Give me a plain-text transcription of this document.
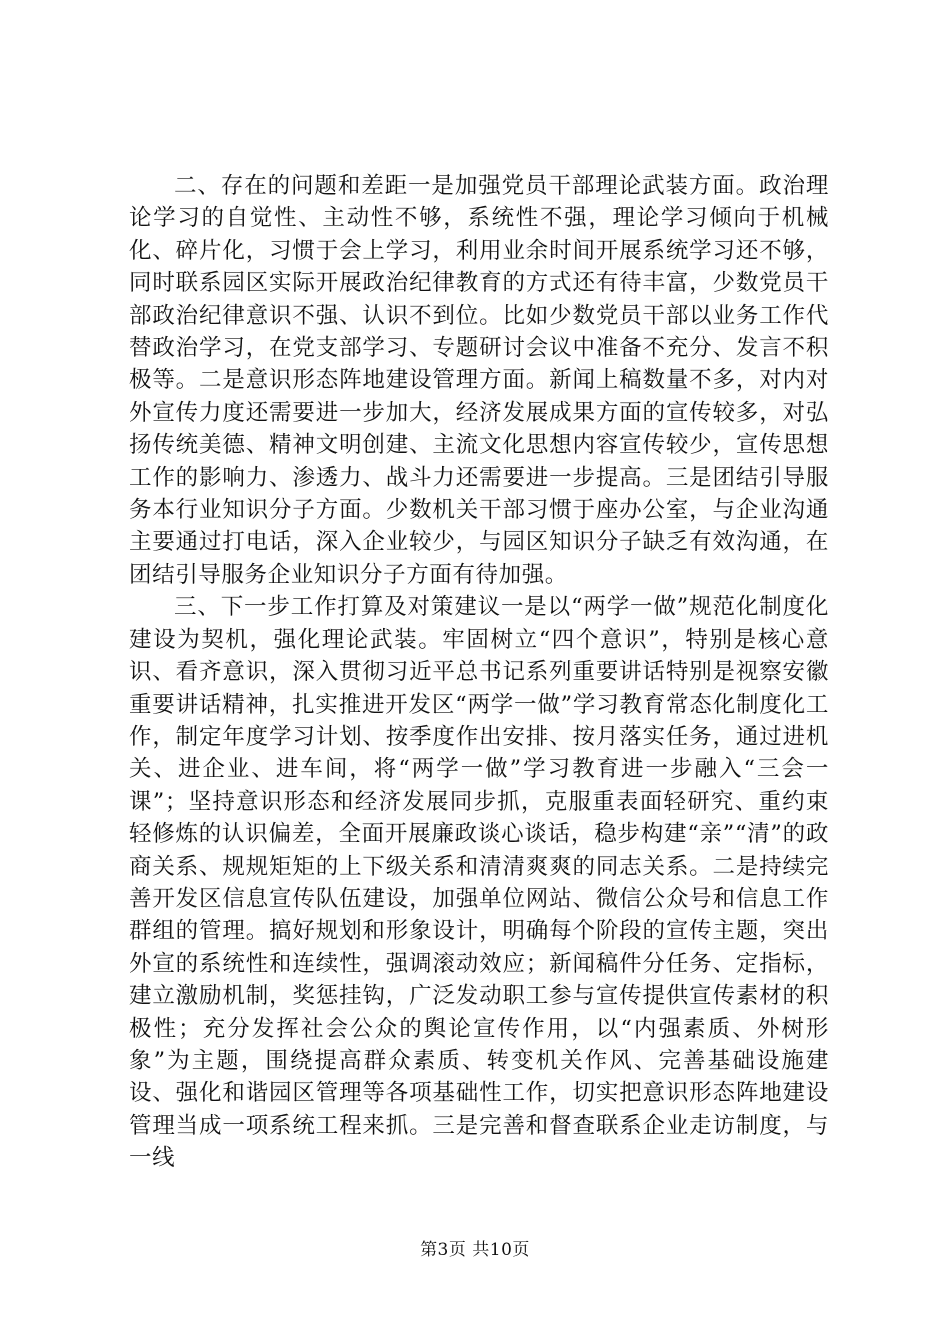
二、存在的问题和差距一是加强党员干部理论武装方面。政治理论学习的自觉性、主动性不够，系统性不强，理论学习倾向于机械化、碎片化，习惯于会上学习，利用业余时间开展系统学习还不够，同时联系园区实际开展政治纪律教育的方式还有待丰富，少数党员干部政治纪律意识不强、认识不到位。比如少数党员干部以业务工作代替政治学习，在党支部学习、专题研讨会议中准备不充分、发言不积极等。二是意识形态阵地建设管理方面。新闻上稿数量不多，对内对外宣传力度还需要进一步加大，经济发展成果方面的宣传较多，对弘扬传统美德、精神文明创建、主流文化思想内容宣传较少，宣传思想工作的影响力、渗透力、战斗力还需要进一步提高。三是团结引导服务本行业知识分子方面。少数机关干部习惯于座办公室，与企业沟通主要通过打电话，深入企业较少，与园区知识分子缺乏有效沟通，在团结引导服务企业知识分子方面有待加强。

三、下一步工作打算及对策建议一是以“两学一做”规范化制度化建设为契机，强化理论武装。牢固树立“四个意识”，特别是核心意识、看齐意识，深入贯彻习近平总书记系列重要讲话特别是视察安徽重要讲话精神，扎实推进开发区“两学一做”学习教育常态化制度化工作，制定年度学习计划、按季度作出安排、按月落实任务，通过进机关、进企业、进车间，将“两学一做”学习教育进一步融入“三会一课”；坚持意识形态和经济发展同步抓，克服重表面轻研究、重约束轻修炼的认识偏差，全面开展廉政谈心谈话，稳步构建“亲”“清”的政商关系、规规矩矩的上下级关系和清清爽爽的同志关系。二是持续完善开发区信息宣传队伍建设，加强单位网站、微信公众号和信息工作群组的管理。搞好规划和形象设计，明确每个阶段的宣传主题，突出外宣的系统性和连续性，强调滚动效应；新闻稿件分任务、定指标，建立激励机制，奖惩挂钩，广泛发动职工参与宣传提供宣传素材的积极性；充分发挥社会公众的舆论宣传作用，以“内强素质、外树形象”为主题，围绕提高群众素质、转变机关作风、完善基础设施建设、强化和谐园区管理等各项基础性工作，切实把意识形态阵地建设管理当成一项系统工程来抓。三是完善和督查联系企业走访制度，与一线

第3页 共10页
